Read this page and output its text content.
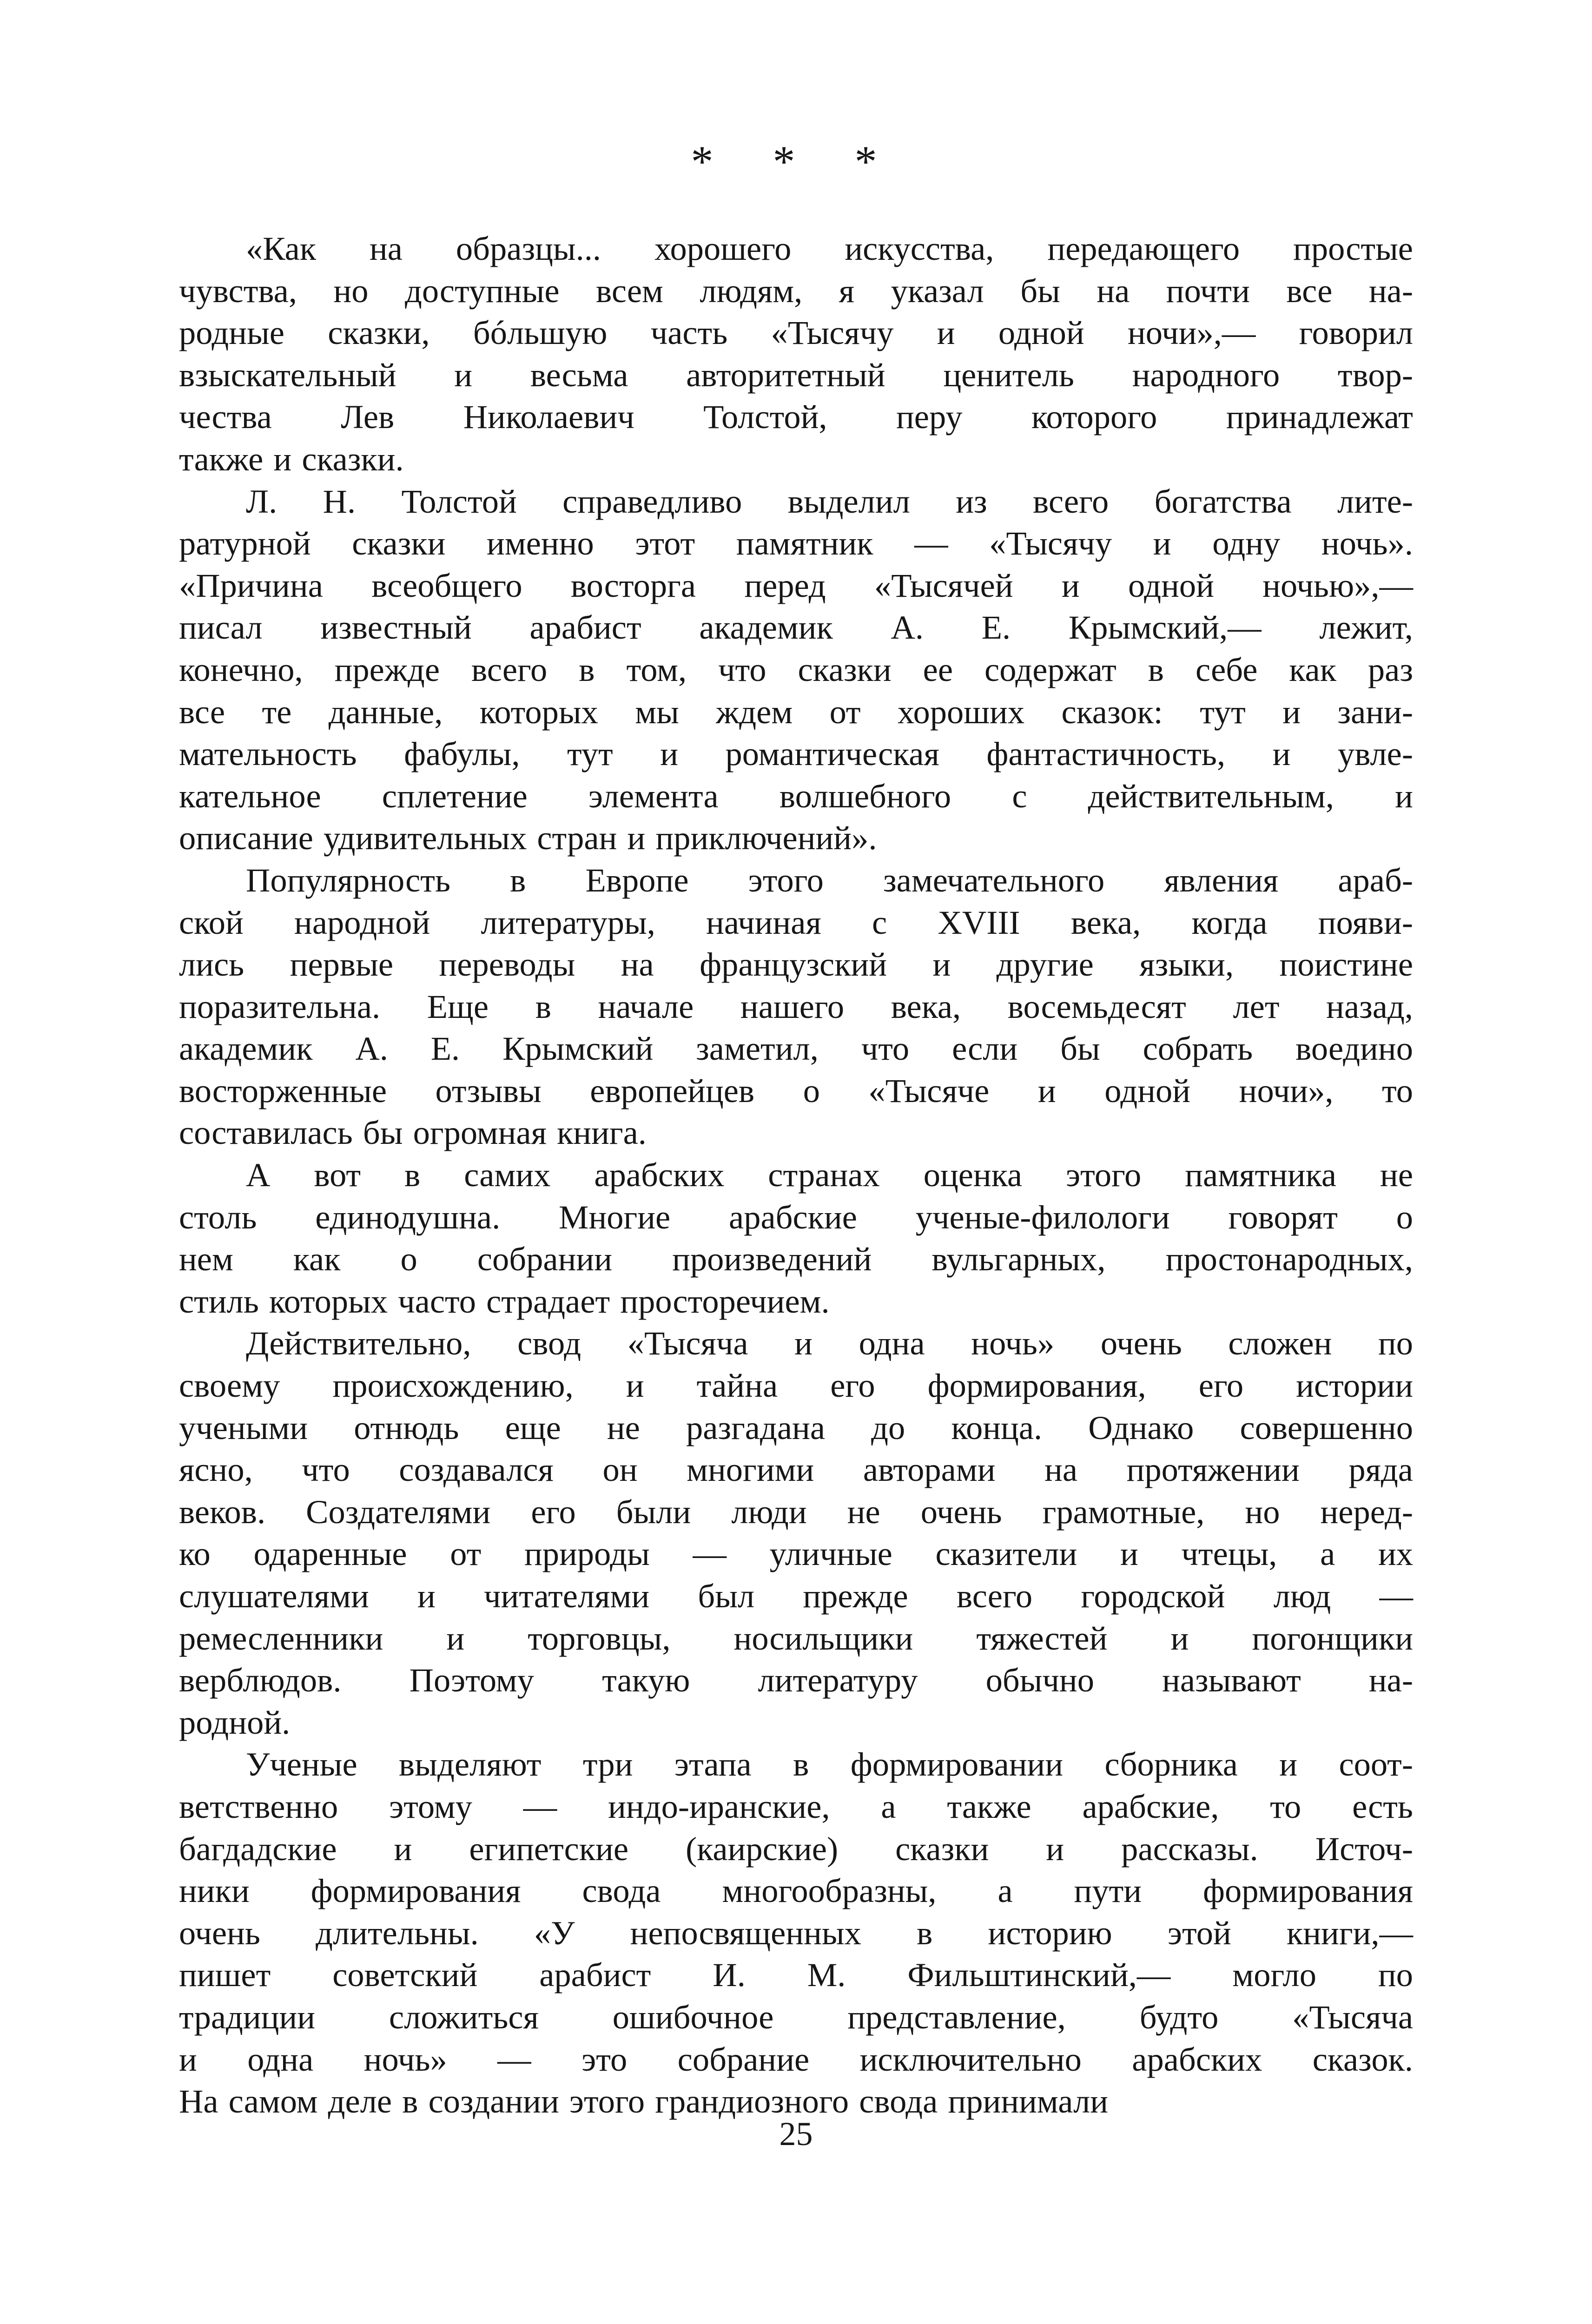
* * *

«Как на образцы... хорошего искусства, передающего простые
чувства, но доступные всем людям, я указал бы на почти все на-
родные сказки, бóльшую часть «Тысячу и одной ночи»,— говорил
взыскательный и весьма авторитетный ценитель народного твор-
чества Лев Николаевич Толстой, перу которого принадлежат
также и сказки.

Л. Н. Толстой справедливо выделил из всего богатства лите-
ратурной сказки именно этот памятник — «Тысячу и одну ночь».
«Причина всеобщего восторга перед «Тысячей и одной ночью»,—
писал известный арабист академик А. Е. Крымский,— лежит,
конечно, прежде всего в том, что сказки ее содержат в себе как раз
все те данные, которых мы ждем от хороших сказок: тут и зани-
мательность фабулы, тут и романтическая фантастичность, и увле-
кательное сплетение элемента волшебного с действительным, и
описание удивительных стран и приключений».

Популярность в Европе этого замечательного явления араб-
ской народной литературы, начиная с XVIII века, когда появи-
лись первые переводы на французский и другие языки, поистине
поразительна. Еще в начале нашего века, восемьдесят лет назад,
академик А. Е. Крымский заметил, что если бы собрать воедино
восторженные отзывы европейцев о «Тысяче и одной ночи», то
составилась бы огромная книга.

А вот в самих арабских странах оценка этого памятника не
столь единодушна. Многие арабские ученые-филологи говорят о
нем как о собрании произведений вульгарных, простонародных,
стиль которых часто страдает просторечием.

Действительно, свод «Тысяча и одна ночь» очень сложен по
своему происхождению, и тайна его формирования, его истории
учеными отнюдь еще не разгадана до конца. Однако совершенно
ясно, что создавался он многими авторами на протяжении ряда
веков. Создателями его были люди не очень грамотные, но неред-
ко одаренные от природы — уличные сказители и чтецы, а их
слушателями и читателями был прежде всего городской люд —
ремесленники и торговцы, носильщики тяжестей и погонщики
верблюдов. Поэтому такую литературу обычно называют на-
родной.

Ученые выделяют три этапа в формировании сборника и соот-
ветственно этому — индо-иранские, а также арабские, то есть
багдадские и египетские (каирские) сказки и рассказы. Источ-
ники формирования свода многообразны, а пути формирования
очень длительны. «У непосвященных в историю этой книги,—
пишет советский арабист И. М. Фильштинский,— могло по
традиции сложиться ошибочное представление, будто «Тысяча
и одна ночь» — это собрание исключительно арабских сказок.
На самом деле в создании этого грандиозного свода принимали

25
